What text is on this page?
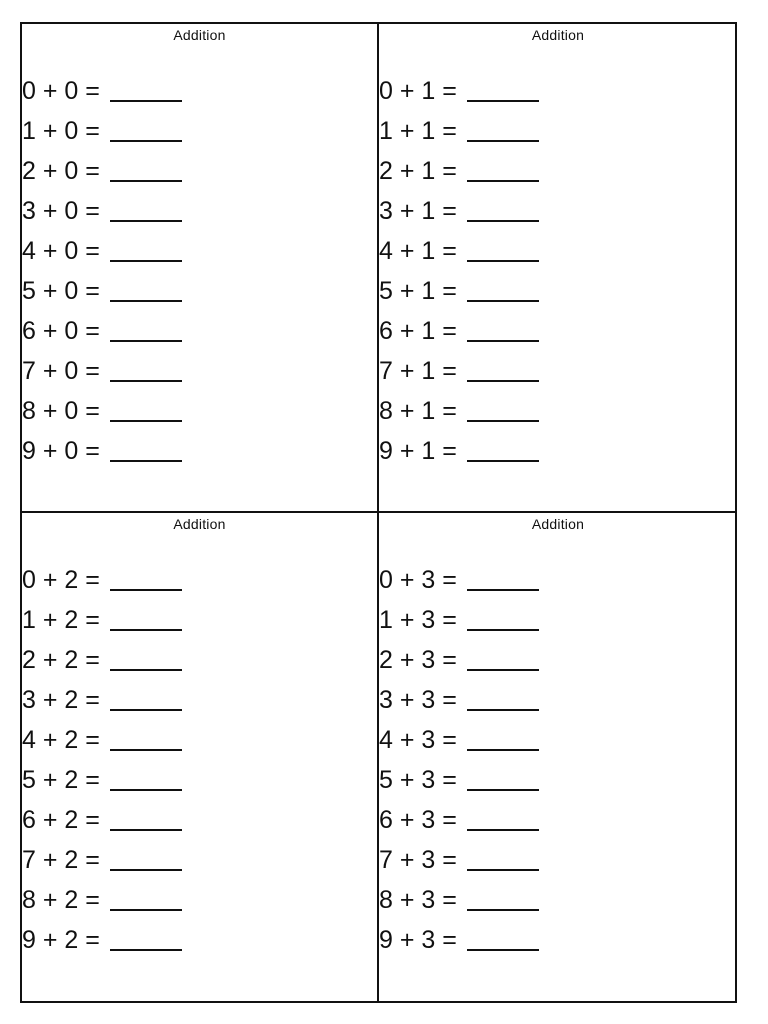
Addition
0 + 0 =
1 + 0 =
2 + 0 =
3 + 0 =
4 + 0 =
5 + 0 =
6 + 0 =
7 + 0 =
8 + 0 =
9 + 0 =
Addition
0 + 1 =
1 + 1 =
2 + 1 =
3 + 1 =
4 + 1 =
5 + 1 =
6 + 1 =
7 + 1 =
8 + 1 =
9 + 1 =
Addition
0 + 2 =
1 + 2 =
2 + 2 =
3 + 2 =
4 + 2 =
5 + 2 =
6 + 2 =
7 + 2 =
8 + 2 =
9 + 2 =
Addition
0 + 3 =
1 + 3 =
2 + 3 =
3 + 3 =
4 + 3 =
5 + 3 =
6 + 3 =
7 + 3 =
8 + 3 =
9 + 3 =
